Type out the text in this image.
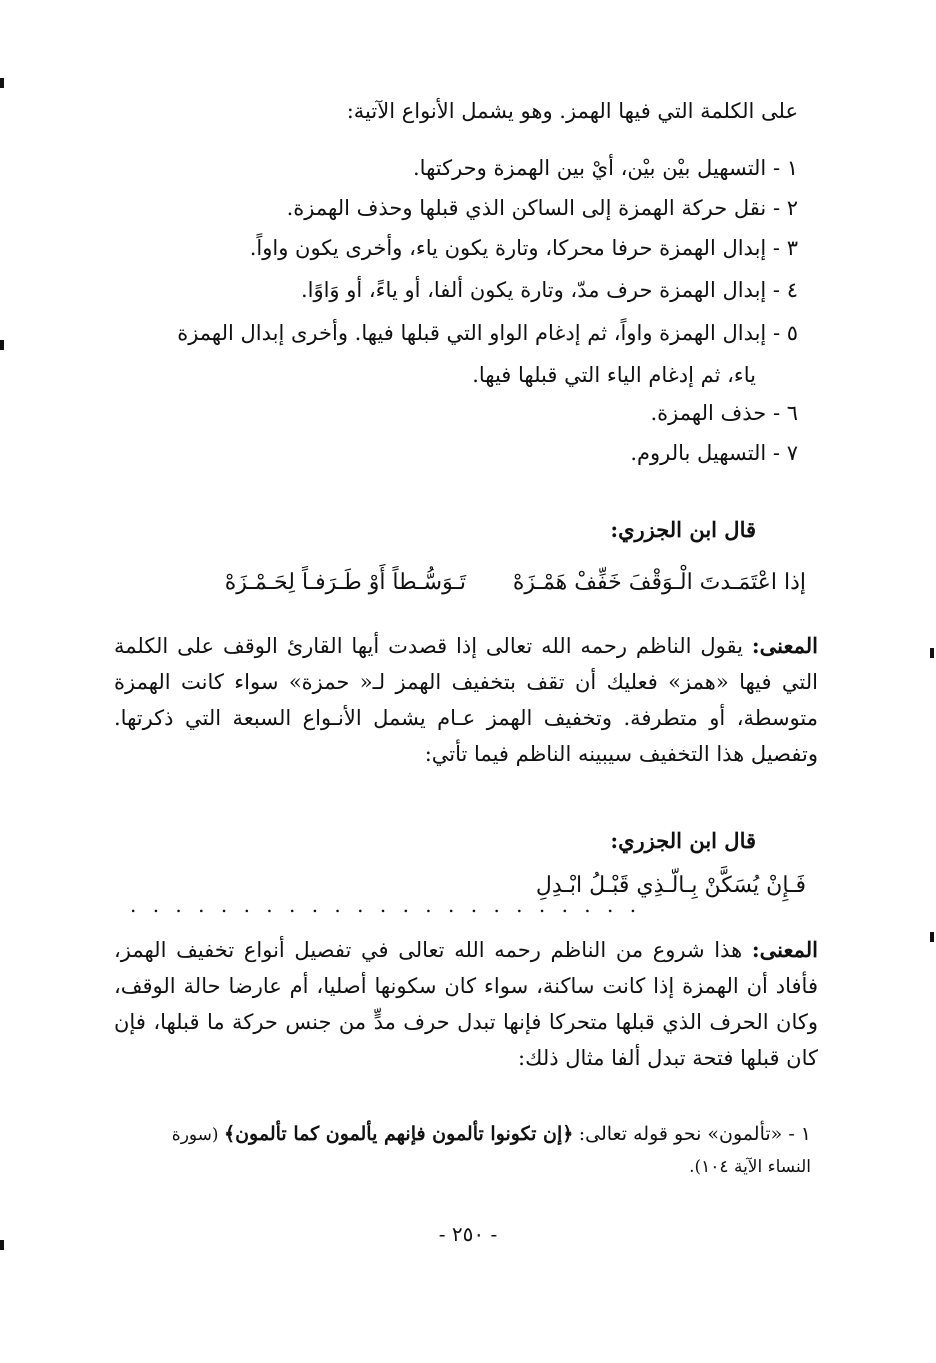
على الكلمة التي فيها الهمز. وهو يشمل الأنواع الآتية:
١ - التسهيل بيْن بيْن، أيْ بين الهمزة وحركتها.
٢ - نقل حركة الهمزة إلى الساكن الذي قبلها وحذف الهمزة.
٣ - إبدال الهمزة حرفا محركا، وتارة يكون ياء، وأخرى يكون واواً.
٤ - إبدال الهمزة حرف مدّ، وتارة يكون ألفا، أو ياءً، أو وَاوًا.
٥ - إبدال الهمزة واواً، ثم إدغام الواو التي قبلها فيها. وأخرى إبدال الهمزة
ياء، ثم إدغام الياء التي قبلها فيها.
٦ - حذف الهمزة.
٧ - التسهيل بالروم.
قال ابن الجزري:
إذا اعْتَمَـدتَ الْـوَقْفَ خَفِّفْ هَمْـزَهْ
تَـوَسُّـطاً أَوْ طَـرَفـاً لِحَـمْـزَهْ
المعنى: يقول الناظم رحمه الله تعالى إذا قصدت أيها القارئ الوقف على الكلمة التي فيها «همز» فعليك أن تقف بتخفيف الهمز لـ« حمزة» سواء كانت الهمزة متوسطة، أو متطرفة. وتخفيف الهمز عـام يشمل الأنـواع السبعة التي ذكرتها. وتفصيل هذا التخفيف سيبينه الناظم فيما تأتي:
قال ابن الجزري:
فَـإِنْ يُسَكَّنْ بِـالّـذِي قَبْـلُ ابْـدِلِ
. . . . . . . . . . . . . . . . . . . . . . .
المعنى: هذا شروع من الناظم رحمه الله تعالى في تفصيل أنواع تخفيف الهمز، فأفاد أن الهمزة إذا كانت ساكنة، سواء كان سكونها أصليا، أم عارضا حالة الوقف، وكان الحرف الذي قبلها متحركا فإنها تبدل حرف مدٍّ من جنس حركة ما قبلها، فإن كان قبلها فتحة تبدل ألفا مثال ذلك:
١ - «تألمون» نحو قوله تعالى: ﴿إن تكونوا تألمون فإنهم يألمون كما تألمون﴾ (سورة
النساء الآية ١٠٤).
- ٢٥٠ -
